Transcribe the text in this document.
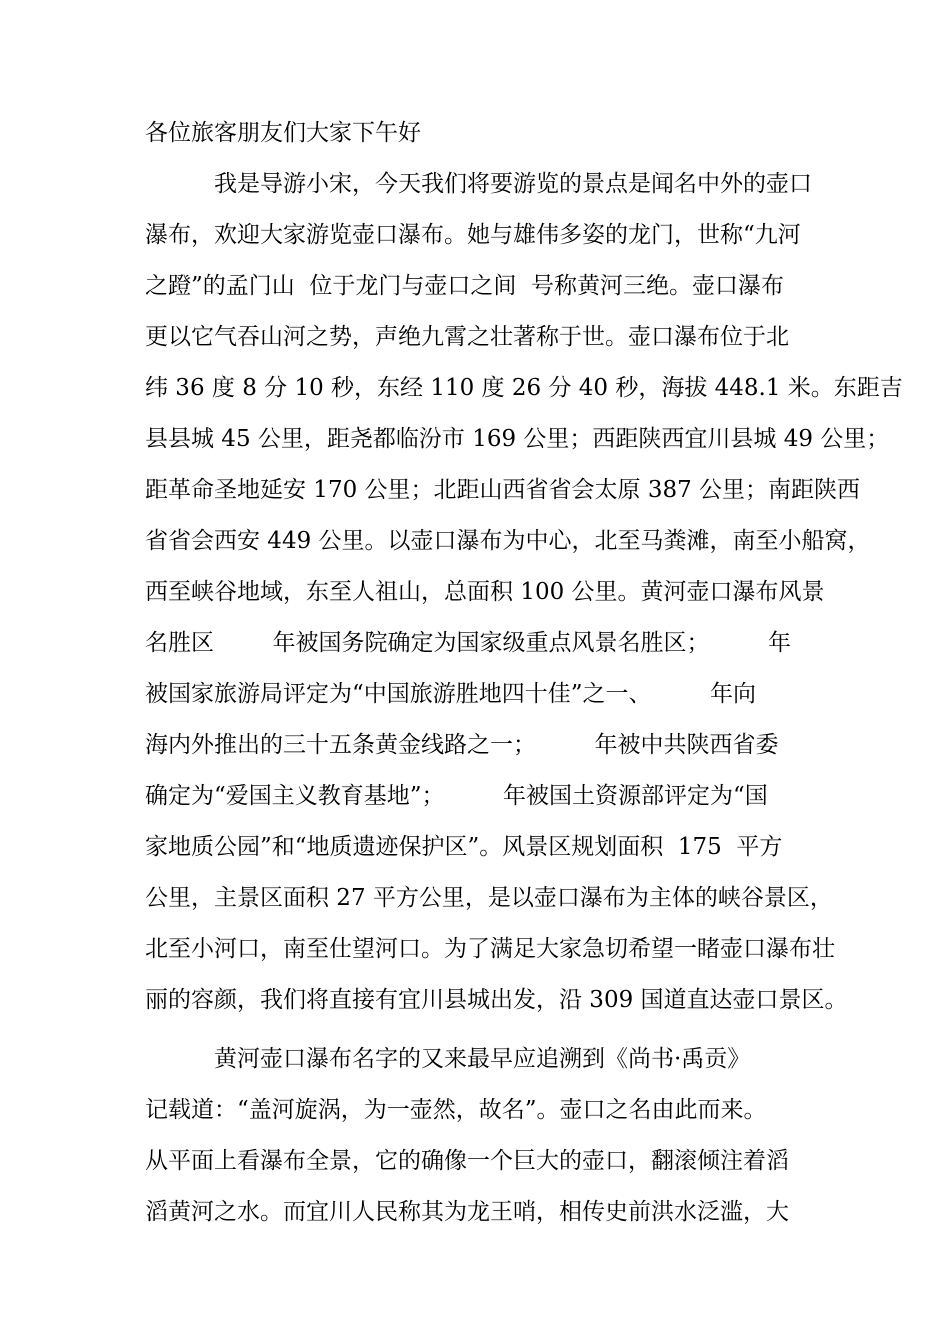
各位旅客朋友们大家下午好
　　　我是导游小宋，今天我们将要游览的景点是闻名中外的壶口
瀑布，欢迎大家游览壶口瀑布。她与雄伟多姿的龙门，世称“九河
之蹬”的孟门山  位于龙门与壶口之间  号称黄河三绝。壶口瀑布
更以它气吞山河之势，声绝九霄之壮著称于世。壶口瀑布位于北
纬 36 度 8 分 10 秒，东经 110 度 26 分 40 秒，海拔 448.1 米。东距吉
县县城 45 公里，距尧都临汾市 169 公里；西距陕西宜川县城 49 公里；
距革命圣地延安 170 公里；北距山西省省会太原 387 公里；南距陕西
省省会西安 449 公里。以壶口瀑布为中心，北至马粪滩，南至小船窝，
西至峡谷地域，东至人祖山，总面积 100 公里。黄河壶口瀑布风景
名胜区        年被国务院确定为国家级重点风景名胜区；        年
被国家旅游局评定为“中国旅游胜地四十佳”之一、        年向
海内外推出的三十五条黄金线路之一；        年被中共陕西省委
确定为“爱国主义教育基地”；        年被国土资源部评定为“国
家地质公园”和“地质遗迹保护区”。风景区规划面积  175  平方
公里，主景区面积 27 平方公里，是以壶口瀑布为主体的峡谷景区，
北至小河口，南至仕望河口。为了满足大家急切希望一睹壶口瀑布壮
丽的容颜，我们将直接有宜川县城出发，沿 309 国道直达壶口景区。
　　　黄河壶口瀑布名字的又来最早应追溯到《尚书·禹贡》
记载道：“盖河旋涡，为一壶然，故名”。壶口之名由此而来。
从平面上看瀑布全景，它的确像一个巨大的壶口，翻滚倾注着滔
滔黄河之水。而宜川人民称其为龙王哨，相传史前洪水泛滥，大
